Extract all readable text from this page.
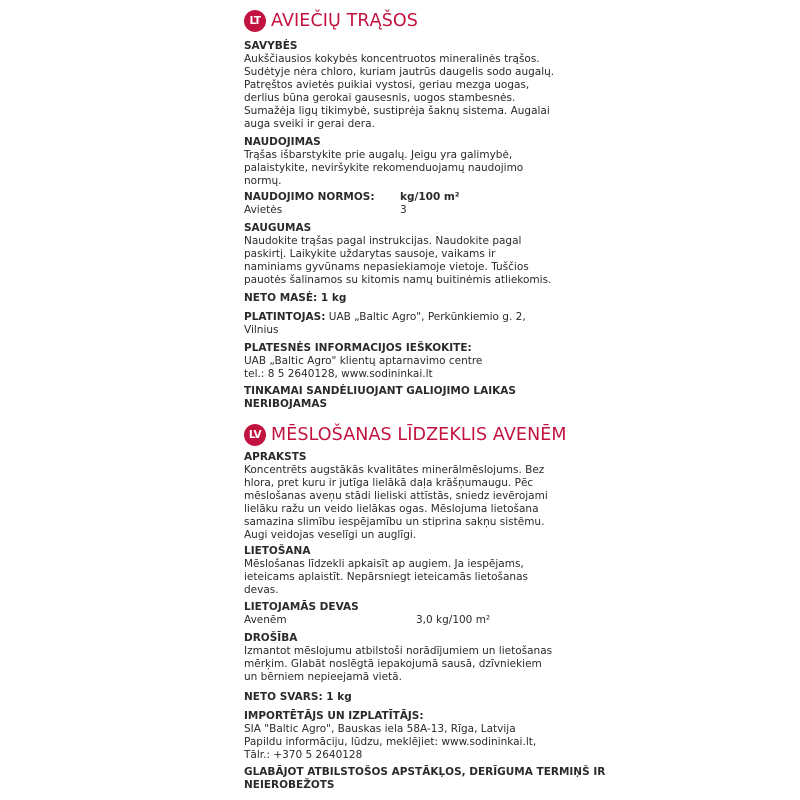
LT AVIEČIŲ TRĄŠOS
SAVYBĖS
Aukščiausios kokybės koncentruotos mineralinės trąšos.
Sudėtyje nėra chloro, kuriam jautrūs daugelis sodo augalų.
Patręštos avietės puikiai vystosi, geriau mezga uogas,
derlius būna gerokai gausesnis, uogos stambesnės.
Sumažėja ligų tikimybė, sustiprėja šaknų sistema. Augalai
auga sveiki ir gerai dera.
NAUDOJIMAS
Trąšas išbarstykite prie augalų. Jeigu yra galimybė,
palaistykite, neviršykite rekomenduojamų naudojimo
normų.
NAUDOJIMO NORMOS:	kg/100 m²
Avietės	3
SAUGUMAS
Naudokite trąšas pagal instrukcijas. Naudokite pagal
paskirtį. Laikykite uždarytas sausoje, vaikams ir
naminiams gyvūnams nepasiekiamoje vietoje. Tuščios
pauotės šalinamos su kitomis namų buitinėmis atliekomis.
NETO MASĖ: 1 kg
PLATINTOJAS: UAB „Baltic Agro", Perkūnkiemio g. 2,
Vilnius
PLATESNĖS INFORMACIJOS IEŠKOKITE:
UAB „Baltic Agro" klientų aptarnavimo centre
tel.: 8 5 2640128, www.sodininkai.lt
TINKAMAI SANDĖLIUOJANT GALIOJIMO LAIKAS
NERIBOJAMAS
LV MĒSLOŠANAS LĪDZEKLIS AVENĒM
APRAKSTS
Koncentrēts augstākās kvalitātes minerālmēslojums. Bez
hlora, pret kuru ir jutīga lielākā daļa krāšņumaugu. Pēc
mēslošanas aveņu stādi lieliski attīstās, sniedz ievērojami
lielāku ražu un veido lielākas ogas. Mēslojuma lietošana
samazina slimību iespējamību un stiprina sakņu sistēmu.
Augi veidojas veselīgi un auglīgi.
LIETOŠANA
Mēslošanas līdzekli apkaisīt ap augiem. Ja iespējams,
ieteicams aplaistīt. Nepārsniegt ieteicamās lietošanas
devas.
LIETOJAMĀS DEVAS
Avenēm	3,0 kg/100 m²
DROŠĪBA
Izmantot mēslojumu atbilstoši norādījumiem un lietošanas
mērķim. Glabāt noslēgtā iepakojumā sausā, dzīvniekiem
un bērniem nepieejamā vietā.
NETO SVARS: 1 kg
IMPORTĒTĀJS UN IZPLATĪTĀJS:
SIA "Baltic Agro", Bauskas iela 58A-13, Rīga, Latvija
Papildu informāciju, lūdzu, meklējiet: www.sodininkai.lt,
Tālr.: +370 5 2640128
GLABĀJOT ATBILSTOŠOS APSTĀKĻOS, DERĪGUMA TERMIŅŠ IR
NEIEROBEŽOTS
